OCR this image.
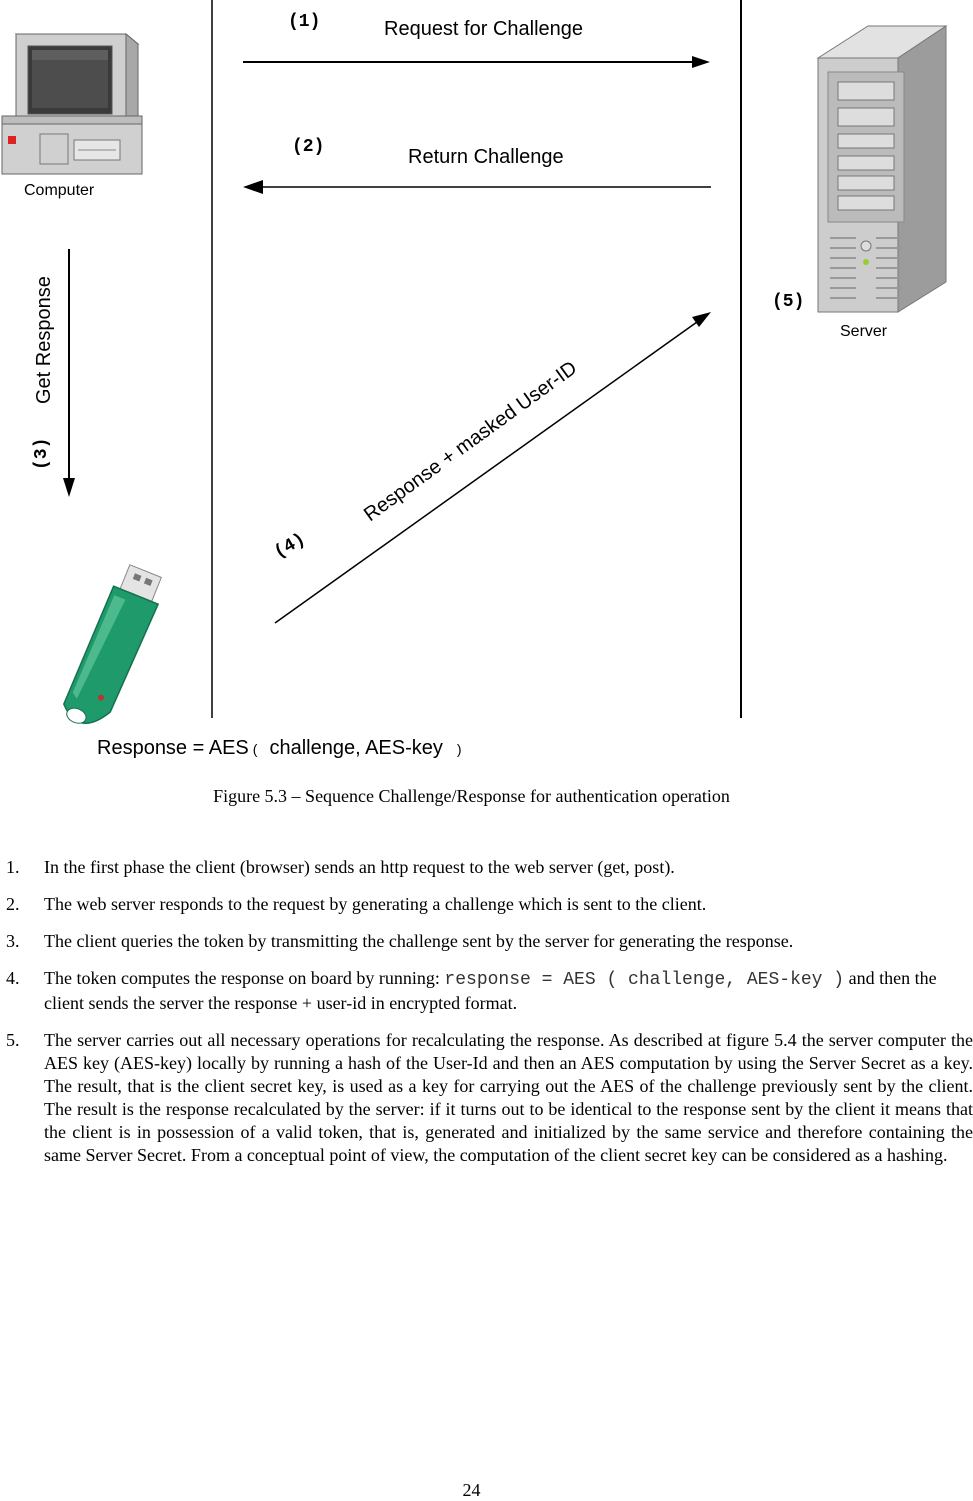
Computer
Server
(1)	Request for Challenge
(2)	Return Challenge
Get Response
(3)
(4)
Response + masked User-ID
(5)
Response = AES ( challenge, AES-key )
Figure 5.3 – Sequence Challenge/Response for authentication operation
1. In the first phase the client (browser) sends an http request to the web server (get, post).
2. The web server responds to the request by generating a challenge which is sent to the client.
3. The client queries the token by transmitting the challenge sent by the server for generating the response.
4. The token computes the response on board by running: response = AES ( challenge, AES-key ) and then the client sends the server the response + user-id in encrypted format.
5. The server carries out all necessary operations for recalculating the response. As described at figure 5.4 the server computer the AES key (AES-key) locally by running a hash of the User-Id and then an AES computation by using the Server Secret as a key. The result, that is the client secret key, is used as a key for carrying out the AES of the challenge previously sent by the client. The result is the response recalculated by the server: if it turns out to be identical to the response sent by the client it means that the client is in possession of a valid token, that is, generated and initialized by the same service and therefore containing the same Server Secret. From a conceptual point of view, the computation of the client secret key can be considered as a hashing.
24
